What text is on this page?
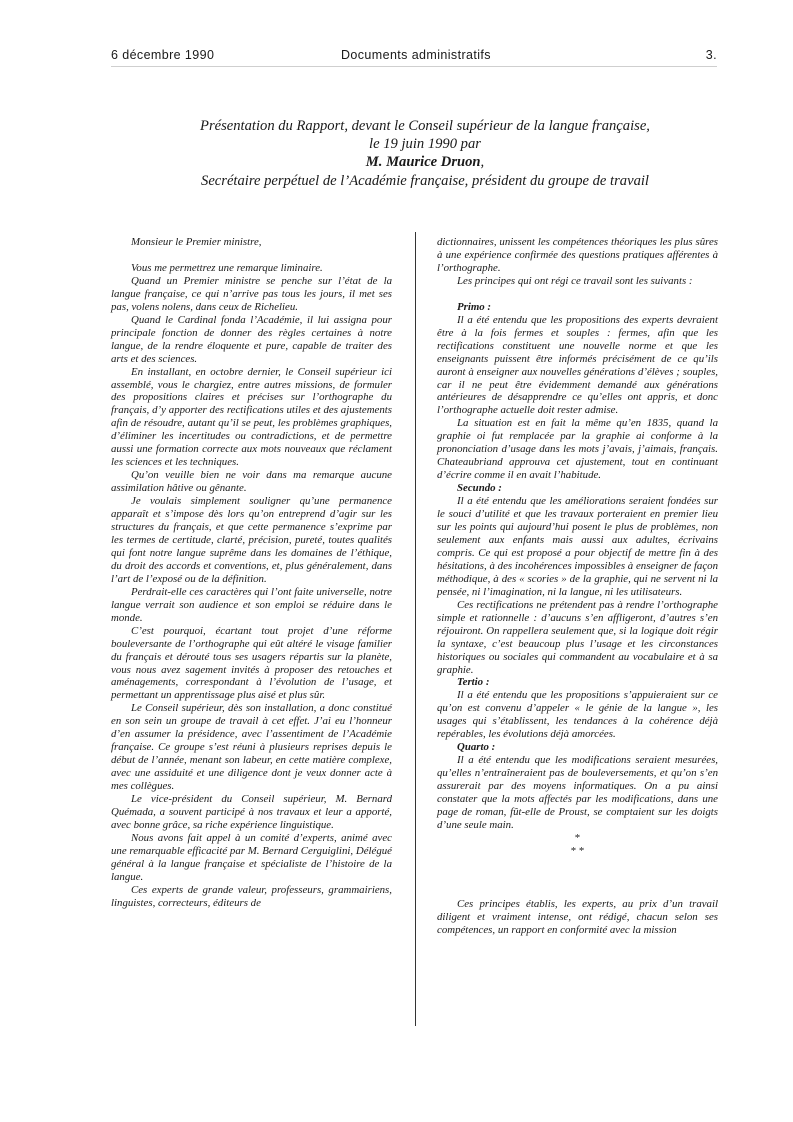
6 décembre 1990	Documents administratifs	3.
Présentation du Rapport, devant le Conseil supérieur de la langue française,
le 19 juin 1990 par
M. Maurice Druon,
Secrétaire perpétuel de l’Académie française, président du groupe de travail

Monsieur le Premier ministre,

Vous me permettrez une remarque liminaire.

Quand un Premier ministre se penche sur l’état de la langue française, ce qui n’arrive pas tous les jours, il met ses pas, volens nolens, dans ceux de Richelieu.

Quand le Cardinal fonda l’Académie, il lui assigna pour principale fonction de donner des règles certaines à notre langue, de la rendre éloquente et pure, capable de traiter des arts et des sciences.

En installant, en octobre dernier, le Conseil supérieur ici assemblé, vous le chargiez, entre autres missions, de formuler des propositions claires et précises sur l’orthographe du français, d’y apporter des rectifications utiles et des ajustements afin de résoudre, autant qu’il se peut, les problèmes graphiques, d’éliminer les incertitudes ou contradictions, et de permettre aussi une formation correcte aux mots nouveaux que réclament les sciences et les techniques.

Qu’on veuille bien ne voir dans ma remarque aucune assimilation hâtive ou gênante.

Je voulais simplement souligner qu’une permanence apparaît et s’impose dès lors qu’on entreprend d’agir sur les structures du français, et que cette permanence s’exprime par les termes de certitude, clarté, précision, pureté, toutes qualités qui font notre langue suprême dans les domaines de l’éthique, du droit des accords et conventions, et, plus généralement, dans l’art de l’exposé ou de la définition.

Perdrait-elle ces caractères qui l’ont faite universelle, notre langue verrait son audience et son emploi se réduire dans le monde.

C’est pourquoi, écartant tout projet d’une réforme bouleversante de l’orthographe qui eût altéré le visage familier du français et dérouté tous ses usagers répartis sur la planète, vous nous avez sagement invités à proposer des retouches et aménagements, correspondant à l’évolution de l’usage, et permettant un apprentissage plus aisé et plus sûr.

Le Conseil supérieur, dès son installation, a donc constitué en son sein un groupe de travail à cet effet. J’ai eu l’honneur d’en assumer la présidence, avec l’assentiment de l’Académie française. Ce groupe s’est réuni à plusieurs reprises depuis le début de l’année, menant son labeur, en cette matière complexe, avec une assiduité et une diligence dont je veux donner acte à mes collègues.

Le vice-président du Conseil supérieur, M. Bernard Quémada, a souvent participé à nos travaux et leur a apporté, avec bonne grâce, sa riche expérience linguistique.

Nous avons fait appel à un comité d’experts, animé avec une remarquable efficacité par M. Bernard Cerguiglini, Délégué général à la langue française et spécialiste de l’histoire de la langue.

Ces experts de grande valeur, professeurs, grammairiens, linguistes, correcteurs, éditeurs de

dictionnaires, unissent les compétences théoriques les plus sûres à une expérience confirmée des questions pratiques afférentes à l’orthographe.

Les principes qui ont régi ce travail sont les suivants :

Primo :

Il a été entendu que les propositions des experts devraient être à la fois fermes et souples : fermes, afin que les rectifications constituent une nouvelle norme et que les enseignants puissent être informés précisément de ce qu’ils auront à enseigner aux nouvelles générations d’élèves ; souples, car il ne peut être évidemment demandé aux générations antérieures de désapprendre ce qu’elles ont appris, et donc l’orthographe actuelle doit rester admise.

La situation est en fait la même qu’en 1835, quand la graphie oi fut remplacée par la graphie ai conforme à la prononciation d’usage dans les mots j’avais, j’aimais, français. Chateaubriand approuva cet ajustement, tout en continuant d’écrire comme il en avait l’habitude.

Secundo :

Il a été entendu que les améliorations seraient fondées sur le souci d’utilité et que les travaux porteraient en premier lieu sur les points qui aujourd’hui posent le plus de problèmes, non seulement aux enfants mais aussi aux adultes, écrivains compris. Ce qui est proposé a pour objectif de mettre fin à des hésitations, à des incohérences impossibles à enseigner de façon méthodique, à des « scories » de la graphie, qui ne servent ni la pensée, ni l’imagination, ni la langue, ni les utilisateurs.

Ces rectifications ne prétendent pas à rendre l’orthographe simple et rationnelle : d’aucuns s’en affligeront, d’autres s’en réjouiront. On rappellera seulement que, si la logique doit régir la syntaxe, c’est beaucoup plus l’usage et les circonstances historiques ou sociales qui commandent au vocabulaire et à sa graphie.

Tertio :

Il a été entendu que les propositions s’appuieraient sur ce qu’on est convenu d’appeler « le génie de la langue », les usages qui s’établissent, les tendances à la cohérence déjà repérables, les évolutions déjà amorcées.

Quarto :

Il a été entendu que les modifications seraient mesurées, qu’elles n’entraîneraient pas de bouleversements, et qu’on s’en assurerait par des moyens informatiques. On a pu ainsi constater que la mots affectés par les modifications, dans une page de roman, fût-elle de Proust, se comptaient sur les doigts d’une seule main.

*

* *

Ces principes établis, les experts, au prix d’un travail diligent et vraiment intense, ont rédigé, chacun selon ses compétences, un rapport en conformité avec la mission
